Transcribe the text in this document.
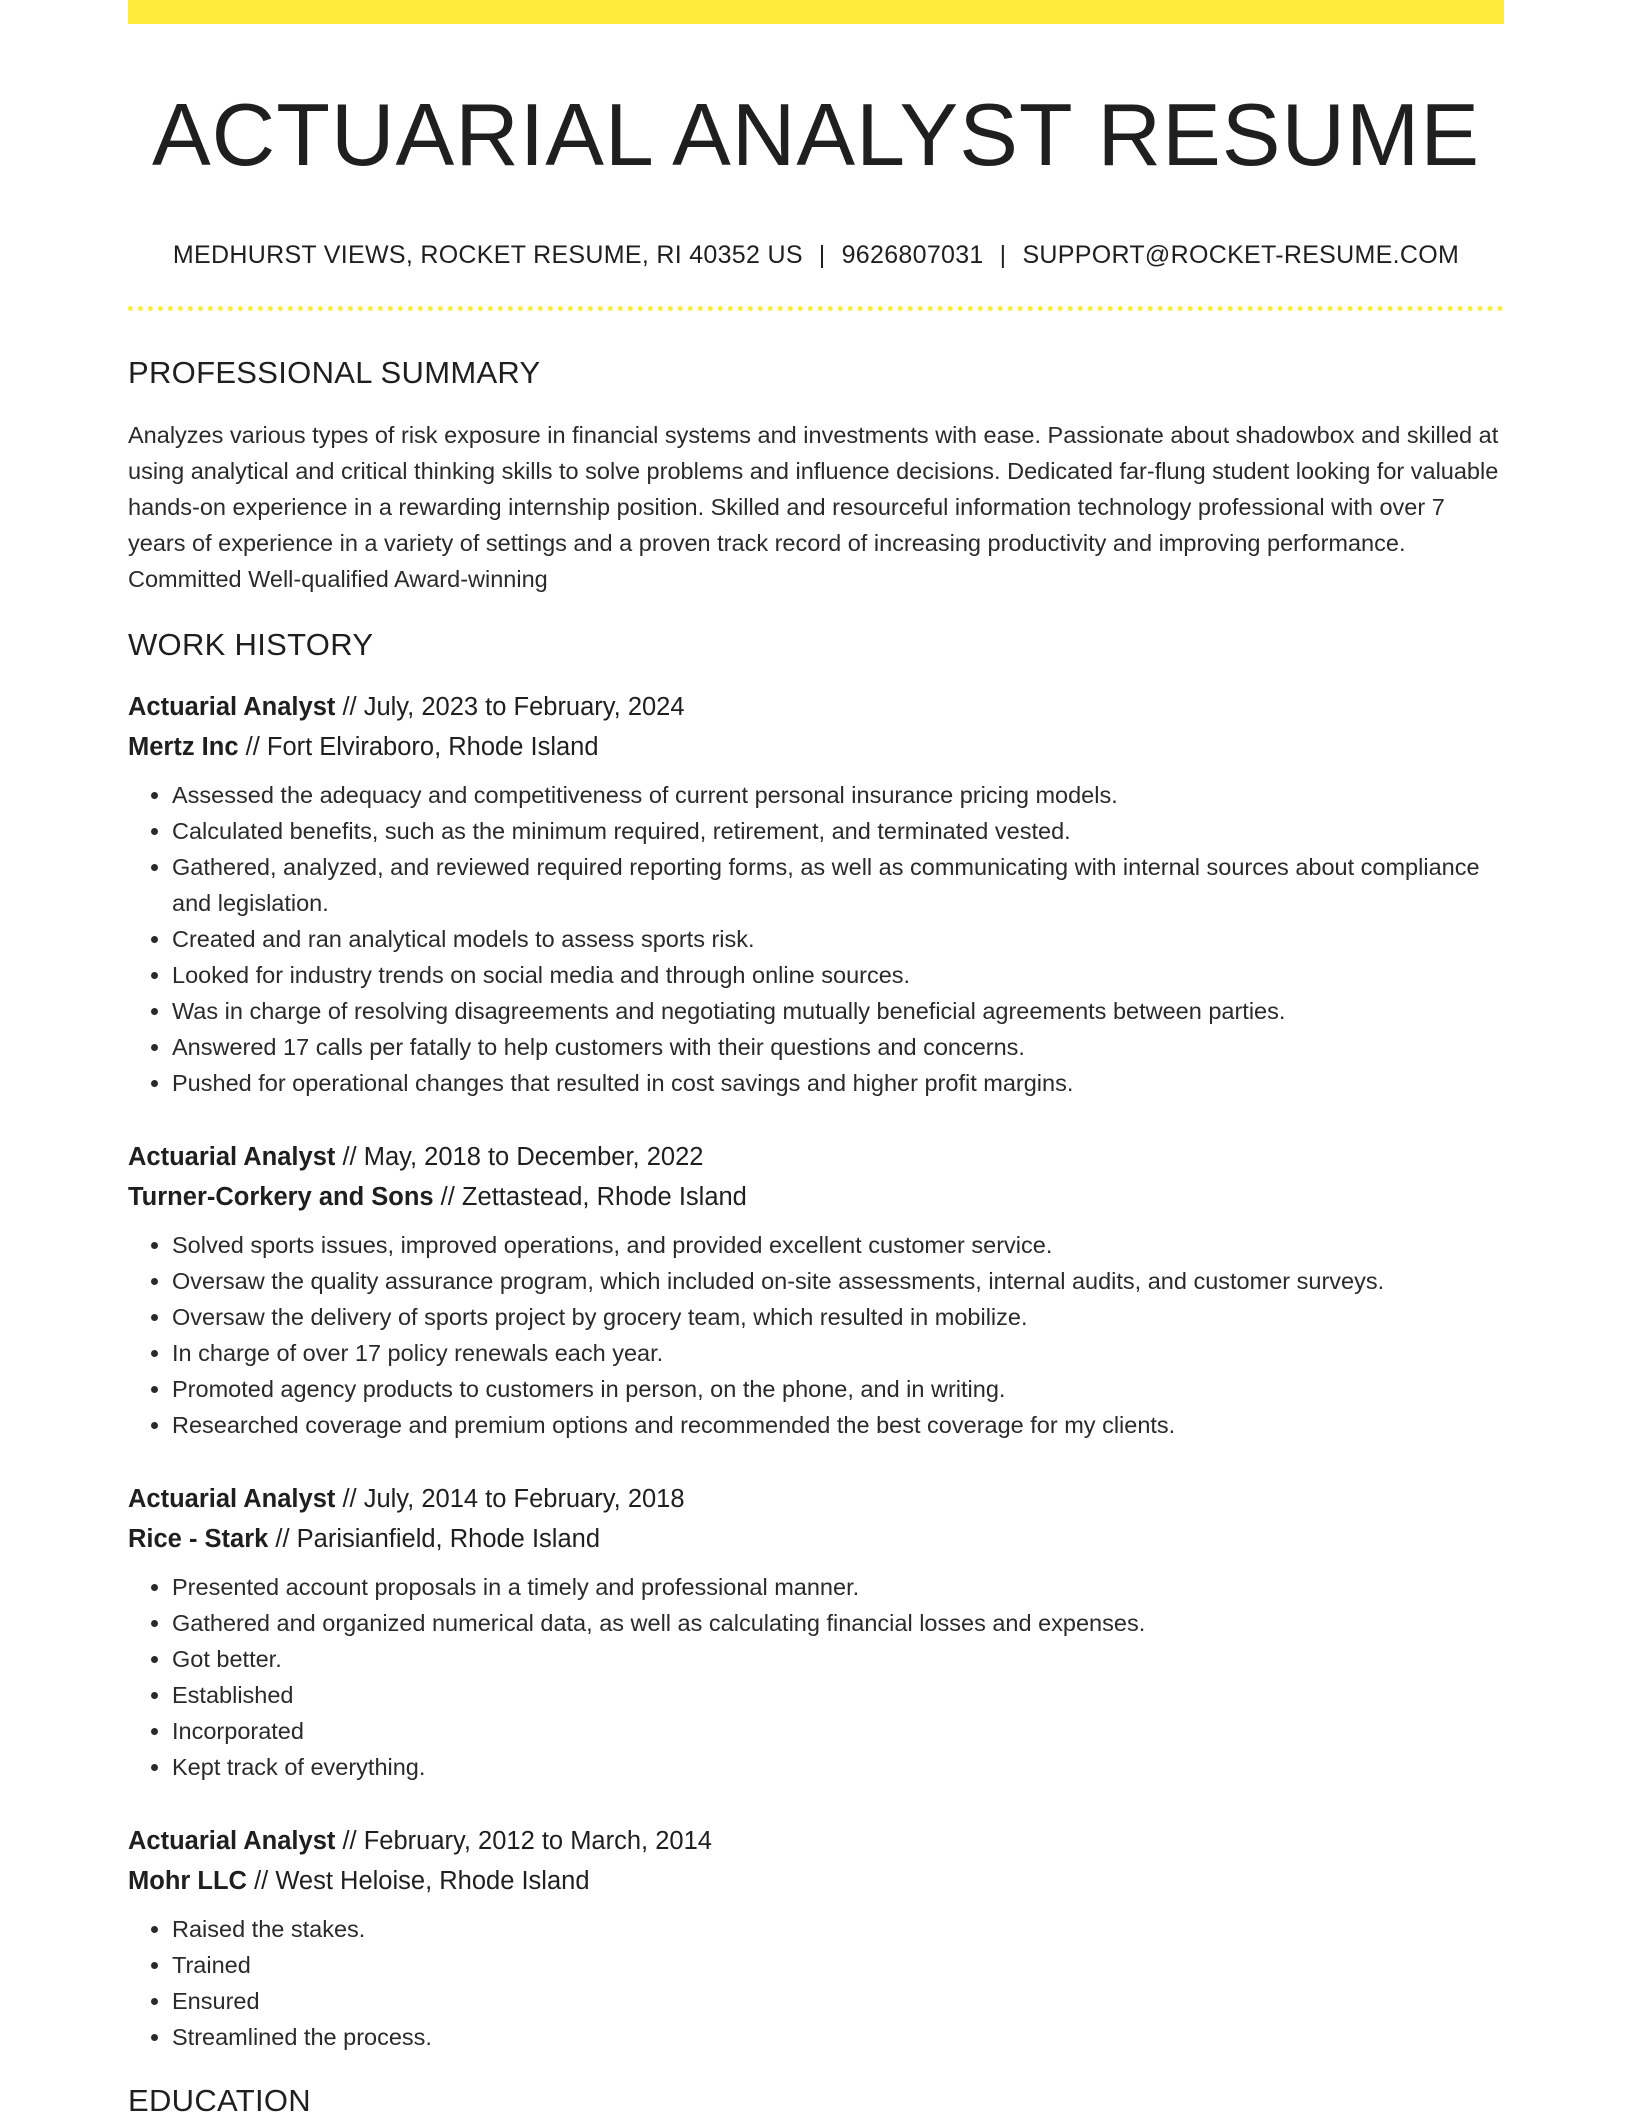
ACTUARIAL ANALYST RESUME
MEDHURST VIEWS, ROCKET RESUME, RI 40352 US | 9626807031 | SUPPORT@ROCKET-RESUME.COM
PROFESSIONAL SUMMARY

Analyzes various types of risk exposure in financial systems and investments with ease. Passionate about shadowbox and skilled at using analytical and critical thinking skills to solve problems and influence decisions. Dedicated far-flung student looking for valuable hands-on experience in a rewarding internship position. Skilled and resourceful information technology professional with over 7 years of experience in a variety of settings and a proven track record of increasing productivity and improving performance. Committed Well-qualified Award-winning

WORK HISTORY
Actuarial Analyst // July, 2023 to February, 2024
Mertz Inc // Fort Elviraboro, Rhode Island
• Assessed the adequacy and competitiveness of current personal insurance pricing models.
• Calculated benefits, such as the minimum required, retirement, and terminated vested.
• Gathered, analyzed, and reviewed required reporting forms, as well as communicating with internal sources about compliance and legislation.
• Created and ran analytical models to assess sports risk.
• Looked for industry trends on social media and through online sources.
• Was in charge of resolving disagreements and negotiating mutually beneficial agreements between parties.
• Answered 17 calls per fatally to help customers with their questions and concerns.
• Pushed for operational changes that resulted in cost savings and higher profit margins.
Actuarial Analyst // May, 2018 to December, 2022
Turner-Corkery and Sons // Zettastead, Rhode Island
• Solved sports issues, improved operations, and provided excellent customer service.
• Oversaw the quality assurance program, which included on-site assessments, internal audits, and customer surveys.
• Oversaw the delivery of sports project by grocery team, which resulted in mobilize.
• In charge of over 17 policy renewals each year.
• Promoted agency products to customers in person, on the phone, and in writing.
• Researched coverage and premium options and recommended the best coverage for my clients.
Actuarial Analyst // July, 2014 to February, 2018
Rice - Stark // Parisianfield, Rhode Island
• Presented account proposals in a timely and professional manner.
• Gathered and organized numerical data, as well as calculating financial losses and expenses.
• Got better.
• Established
• Incorporated
• Kept track of everything.
Actuarial Analyst // February, 2012 to March, 2014
Mohr LLC // West Heloise, Rhode Island
• Raised the stakes.
• Trained
• Ensured
• Streamlined the process.
EDUCATION
